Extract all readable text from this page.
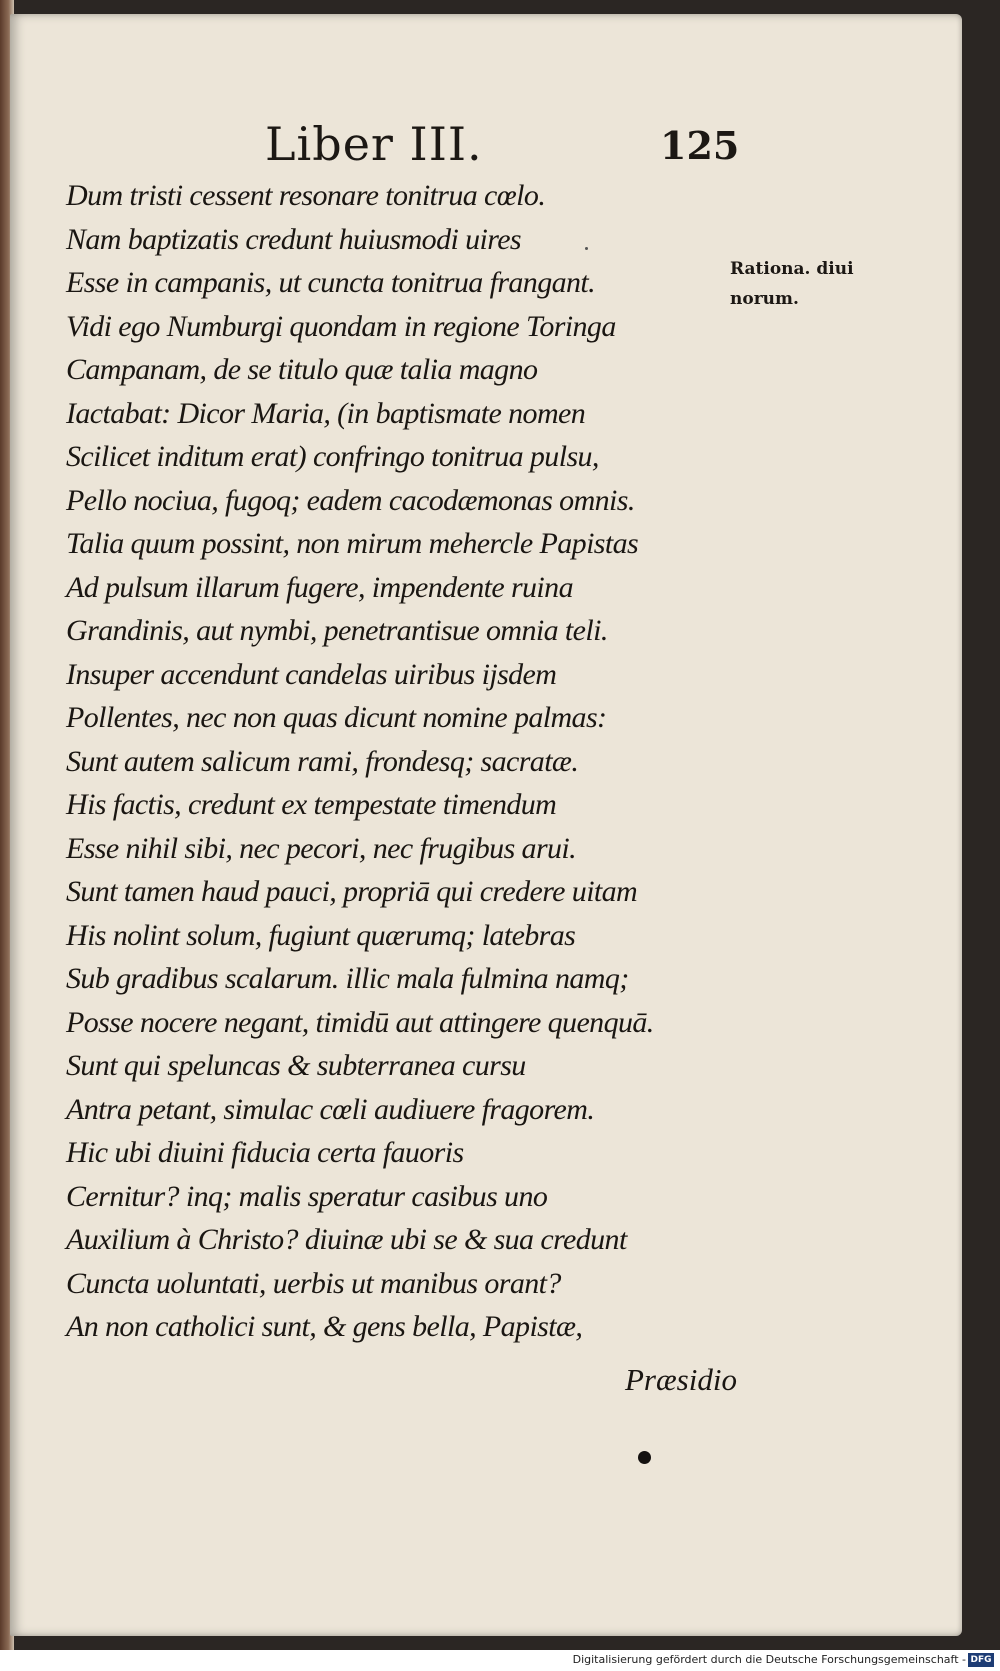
Liber III.	125
Dum tristi cessent resonare tonitrua cœlo.
Nam baptizatis credunt huiusmodi uires
Esse in campanis, ut cuncta tonitrua frangant.
Vidi ego Numburgi quondam in regione Toringa
Campanam, de se titulo quæ talia magno
Iactabat: Dicor Maria, (in baptismate nomen
Scilicet inditum erat) confringo tonitrua pulsu,
Pello nociua, fugoq; eadem cacodæmonas omnis.
Talia quum possint, non mirum mehercle Papistas
Ad pulsum illarum fugere, impendente ruina
Grandinis, aut nymbi, penetrantisue omnia teli.
Insuper accendunt candelas uiribus ijsdem
Pollentes, nec non quas dicunt nomine palmas:
Sunt autem salicum rami, frondesq; sacratæ.
His factis, credunt ex tempestate timendum
Esse nihil sibi, nec pecori, nec frugibus arui.
Sunt tamen haud pauci, propriā qui credere uitam
His nolint solum, fugiunt quærumq; latebras
Sub gradibus scalarum. illic mala fulmina namq;
Posse nocere negant, timidū aut attingere quenquā.
Sunt qui speluncas & subterranea cursu
Antra petant, simulac cœli audiuere fragorem.
Hic ubi diuini fiducia certa fauoris
Cernitur? inq; malis speratur casibus uno
Auxilium à Christo? diuinæ ubi se & sua credunt
Cuncta uoluntati, uerbis ut manibus orant?
An non catholici sunt, & gens bella, Papistæ,
Rationa. diui
norum.
Præsidio
Digitalisierung gefördert durch die Deutsche Forschungsgemeinschaft - DFG
